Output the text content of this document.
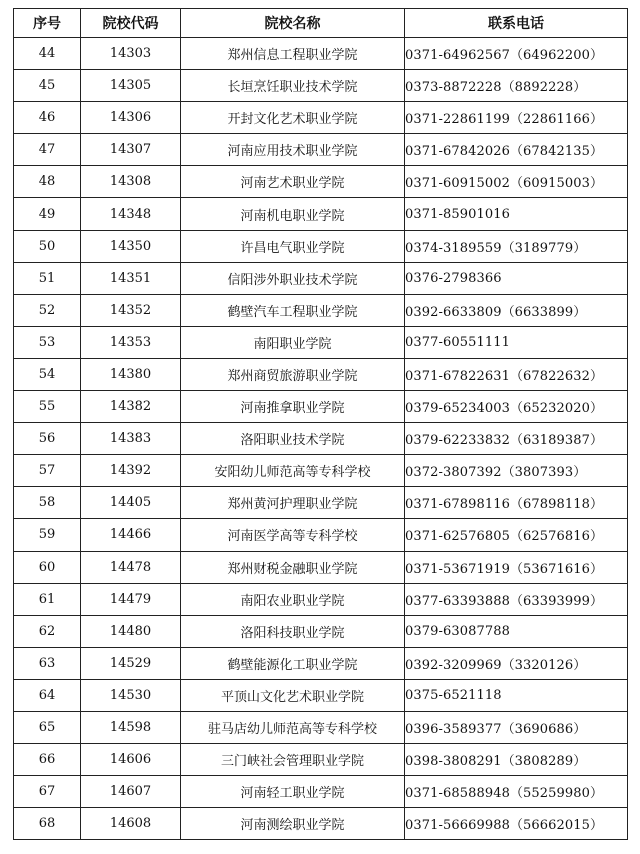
序号	院校代码	院校名称	联系电话
44	14303	郑州信息工程职业学院	0371-64962567（64962200）
45	14305	长垣烹饪职业技术学院	0373-8872228（8892228）
46	14306	开封文化艺术职业学院	0371-22861199（22861166）
47	14307	河南应用技术职业学院	0371-67842026（67842135）
48	14308	河南艺术职业学院	0371-60915002（60915003）
49	14348	河南机电职业学院	0371-85901016
50	14350	许昌电气职业学院	0374-3189559（3189779）
51	14351	信阳涉外职业技术学院	0376-2798366
52	14352	鹤壁汽车工程职业学院	0392-6633809（6633899）
53	14353	南阳职业学院	0377-60551111
54	14380	郑州商贸旅游职业学院	0371-67822631（67822632）
55	14382	河南推拿职业学院	0379-65234003（65232020）
56	14383	洛阳职业技术学院	0379-62233832（63189387）
57	14392	安阳幼儿师范高等专科学校	0372-3807392（3807393）
58	14405	郑州黄河护理职业学院	0371-67898116（67898118）
59	14466	河南医学高等专科学校	0371-62576805（62576816）
60	14478	郑州财税金融职业学院	0371-53671919（53671616）
61	14479	南阳农业职业学院	0377-63393888（63393999）
62	14480	洛阳科技职业学院	0379-63087788
63	14529	鹤壁能源化工职业学院	0392-3209969（3320126）
64	14530	平顶山文化艺术职业学院	0375-6521118
65	14598	驻马店幼儿师范高等专科学校	0396-3589377（3690686）
66	14606	三门峡社会管理职业学院	0398-3808291（3808289）
67	14607	河南轻工职业学院	0371-68588948（55259980）
68	14608	河南测绘职业学院	0371-56669988（56662015）
